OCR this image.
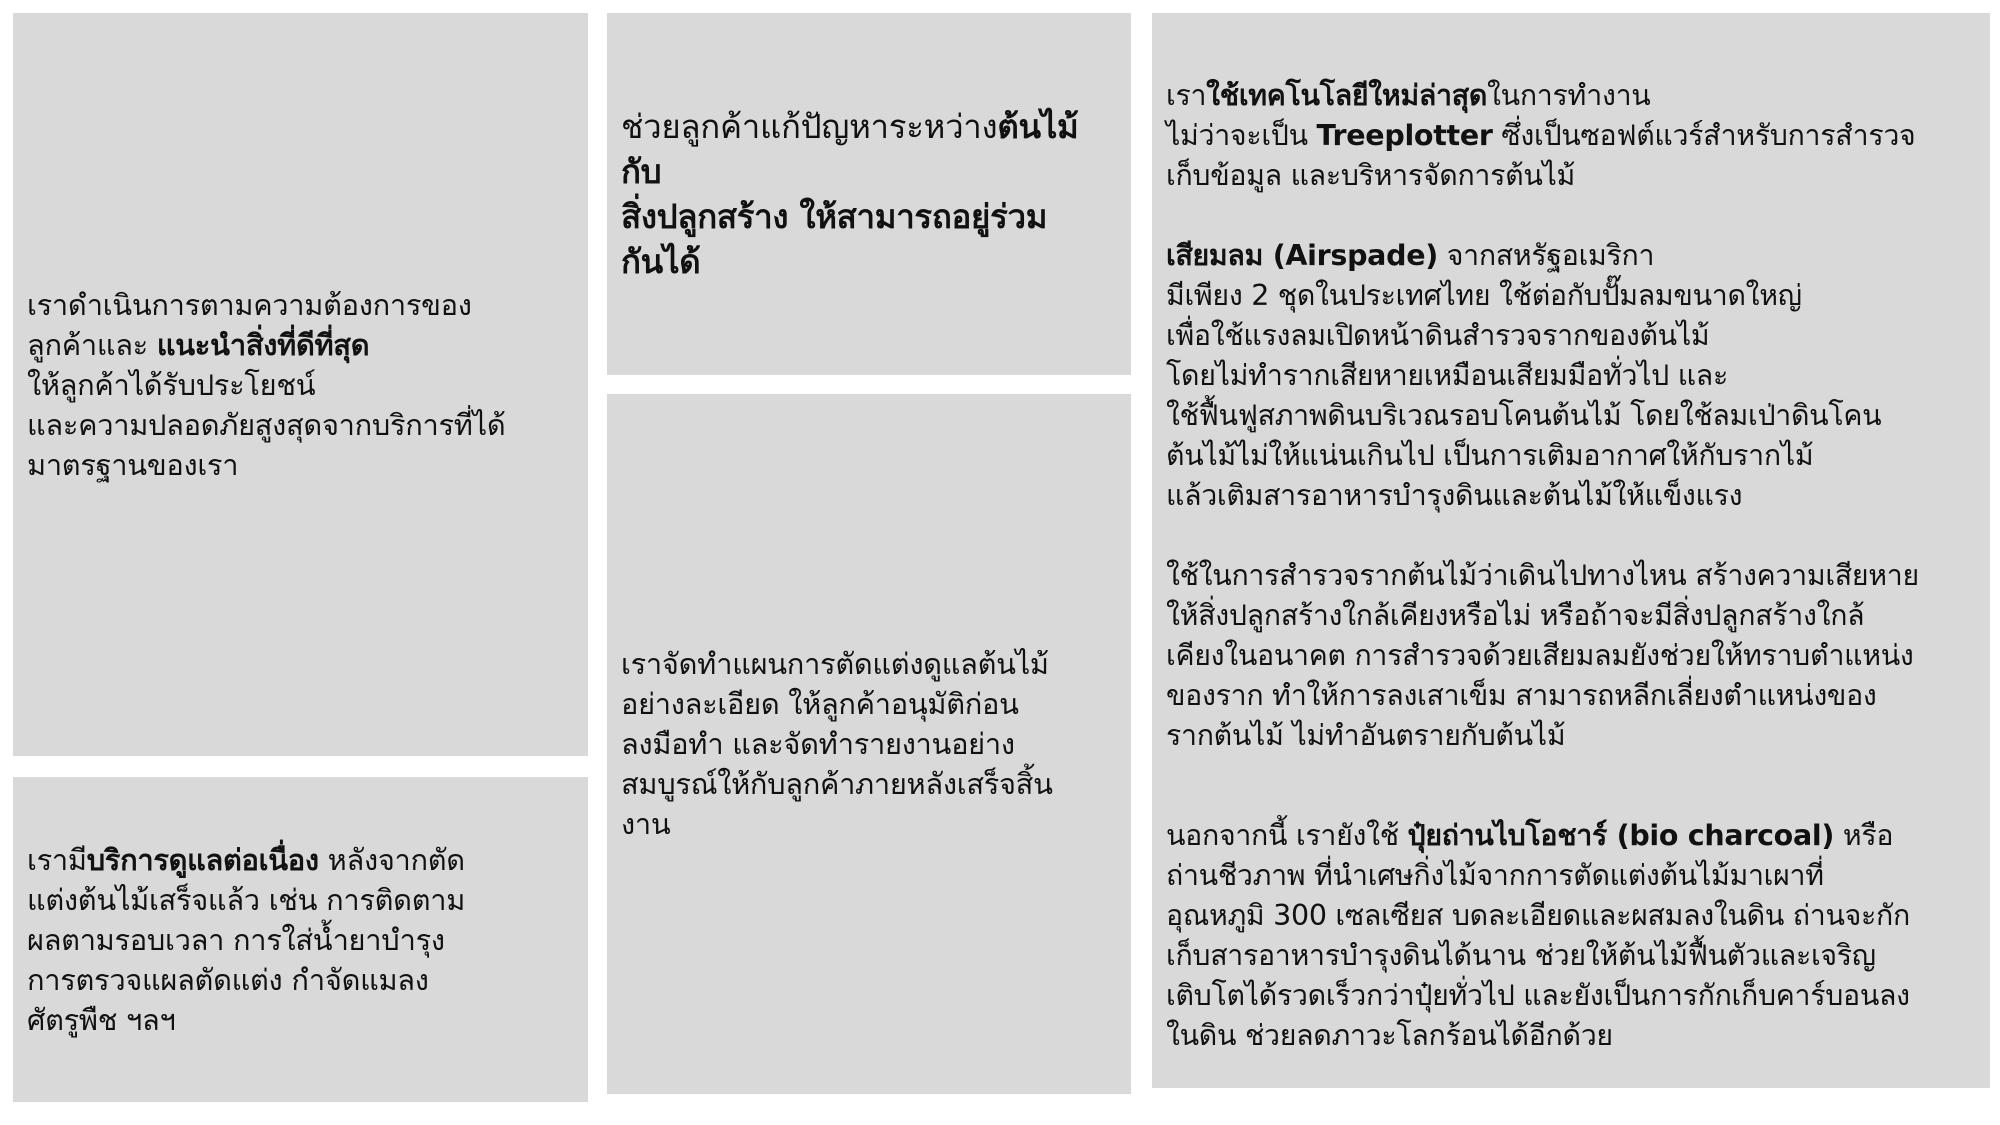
เราดำเนินการตามความต้องการของ

ลูกค้าและ แนะนำสิ่งที่ดีที่สุด

ให้ลูกค้าได้รับประโยชน์

และความปลอดภัยสูงสุดจากบริการที่ได้

มาตรฐานของเรา

ช่วยลูกค้าแก้ปัญหาระหว่างต้นไม้กับ

สิ่งปลูกสร้าง ให้สามารถอยู่ร่วม

กันได้

เราจัดทำแผนการตัดแต่งดูแลต้นไม้

อย่างละเอียด ให้ลูกค้าอนุมัติก่อน

ลงมือทำ และจัดทำรายงานอย่าง

สมบูรณ์ให้กับลูกค้าภายหลังเสร็จสิ้น

งาน

เราใช้เทคโนโลยีใหม่ล่าสุดในการทำงาน

ไม่ว่าจะเป็น Treeplotter ซึ่งเป็นซอฟต์แวร์สำหรับการสำรวจ

เก็บข้อมูล และบริหารจัดการต้นไม้

เสียมลม (Airspade) จากสหรัฐอเมริกา

มีเพียง 2 ชุดในประเทศไทย ใช้ต่อกับปั๊มลมขนาดใหญ่

เพื่อใช้แรงลมเปิดหน้าดินสำรวจรากของต้นไม้

โดยไม่ทำรากเสียหายเหมือนเสียมมือทั่วไป และ

ใช้ฟื้นฟูสภาพดินบริเวณรอบโคนต้นไม้ โดยใช้ลมเป่าดินโคน

ต้นไม้ไม่ให้แน่นเกินไป เป็นการเติมอากาศให้กับรากไม้

แล้วเติมสารอาหารบำรุงดินและต้นไม้ให้แข็งแรง

ใช้ในการสำรวจรากต้นไม้ว่าเดินไปทางไหน สร้างความเสียหาย

ให้สิ่งปลูกสร้างใกล้เคียงหรือไม่ หรือถ้าจะมีสิ่งปลูกสร้างใกล้

เคียงในอนาคต การสำรวจด้วยเสียมลมยังช่วยให้ทราบตำแหน่ง

ของราก ทำให้การลงเสาเข็ม สามารถหลีกเลี่ยงตำแหน่งของ

รากต้นไม้ ไม่ทำอันตรายกับต้นไม้

นอกจากนี้ เรายังใช้ ปุ๋ยถ่านไบโอชาร์ (bio charcoal) หรือ

ถ่านชีวภาพ ที่นำเศษกิ่งไม้จากการตัดแต่งต้นไม้มาเผาที่

อุณหภูมิ 300 เซลเซียส บดละเอียดและผสมลงในดิน ถ่านจะกัก

เก็บสารอาหารบำรุงดินได้นาน ช่วยให้ต้นไม้ฟื้นตัวและเจริญ

เติบโตได้รวดเร็วกว่าปุ๋ยทั่วไป และยังเป็นการกักเก็บคาร์บอนลง

ในดิน ช่วยลดภาวะโลกร้อนได้อีกด้วย

เรามีบริการดูแลต่อเนื่อง หลังจากตัด

แต่งต้นไม้เสร็จแล้ว เช่น การติดตาม

ผลตามรอบเวลา การใส่น้ำยาบำรุง

การตรวจแผลตัดแต่ง กำจัดแมลง

ศัตรูพืช ฯลฯ
